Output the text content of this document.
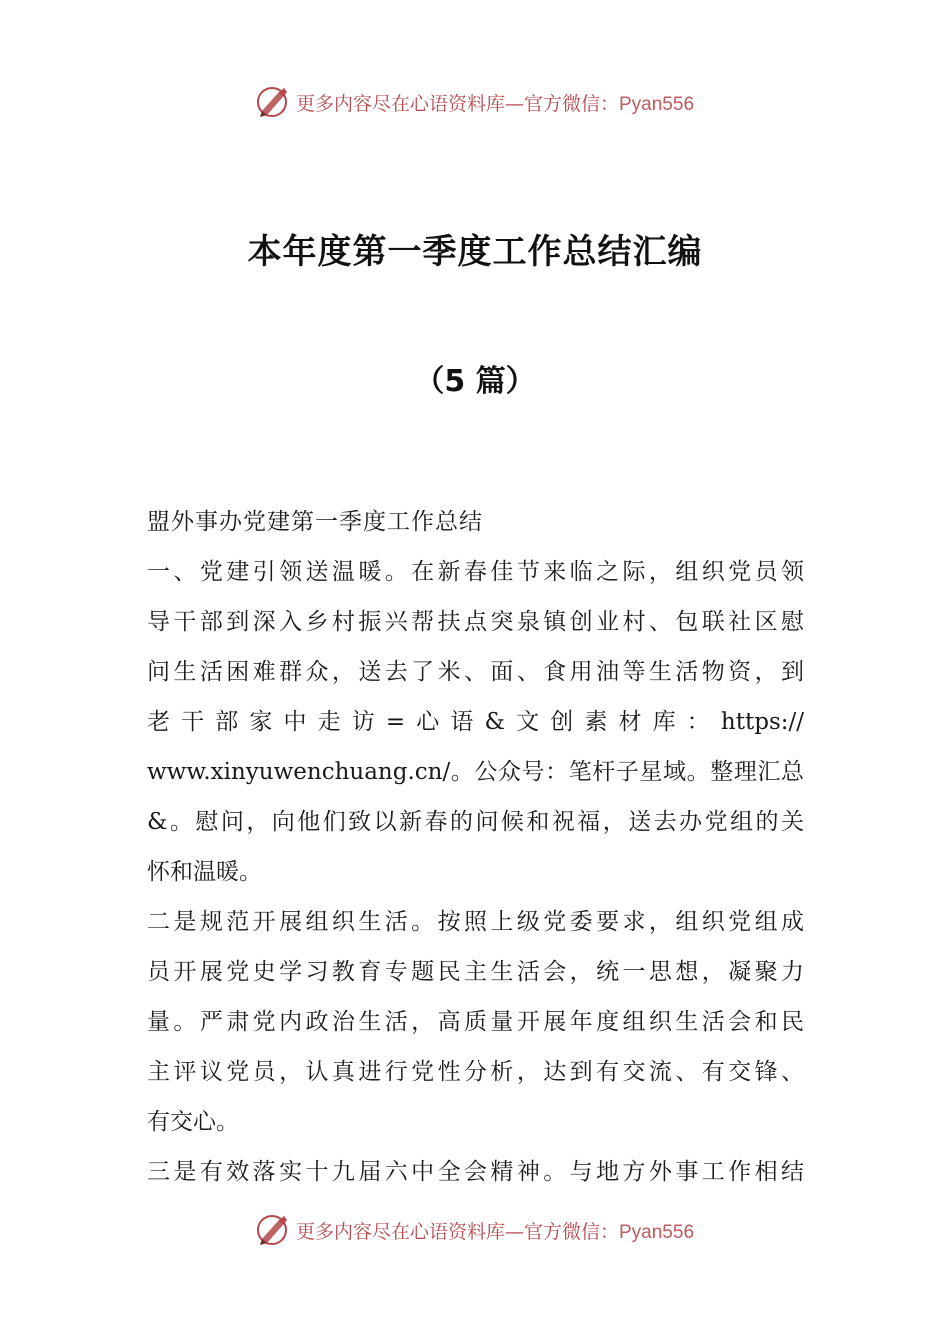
更多内容尽在心语资料库—官方微信：Pyan556
本年度第一季度工作总结汇编
（5 篇）
盟外事办党建第一季度工作总结
一、党建引领送温暖。在新春佳节来临之际，组织党员领
导干部到深入乡村振兴帮扶点突泉镇创业村、包联社区慰
问生活困难群众，送去了米、面、食用油等生活物资，到
老干部家中走访=心语&文创素材库：https://
www.xinyuwenchuang.cn/。公众号：笔杆子星域。整理汇总
&。慰问，向他们致以新春的问候和祝福，送去办党组的关
怀和温暖。
二是规范开展组织生活。按照上级党委要求，组织党组成
员开展党史学习教育专题民主生活会，统一思想，凝聚力
量。严肃党内政治生活，高质量开展年度组织生活会和民
主评议党员，认真进行党性分析，达到有交流、有交锋、
有交心。
三是有效落实十九届六中全会精神。与地方外事工作相结
更多内容尽在心语资料库—官方微信：Pyan556
